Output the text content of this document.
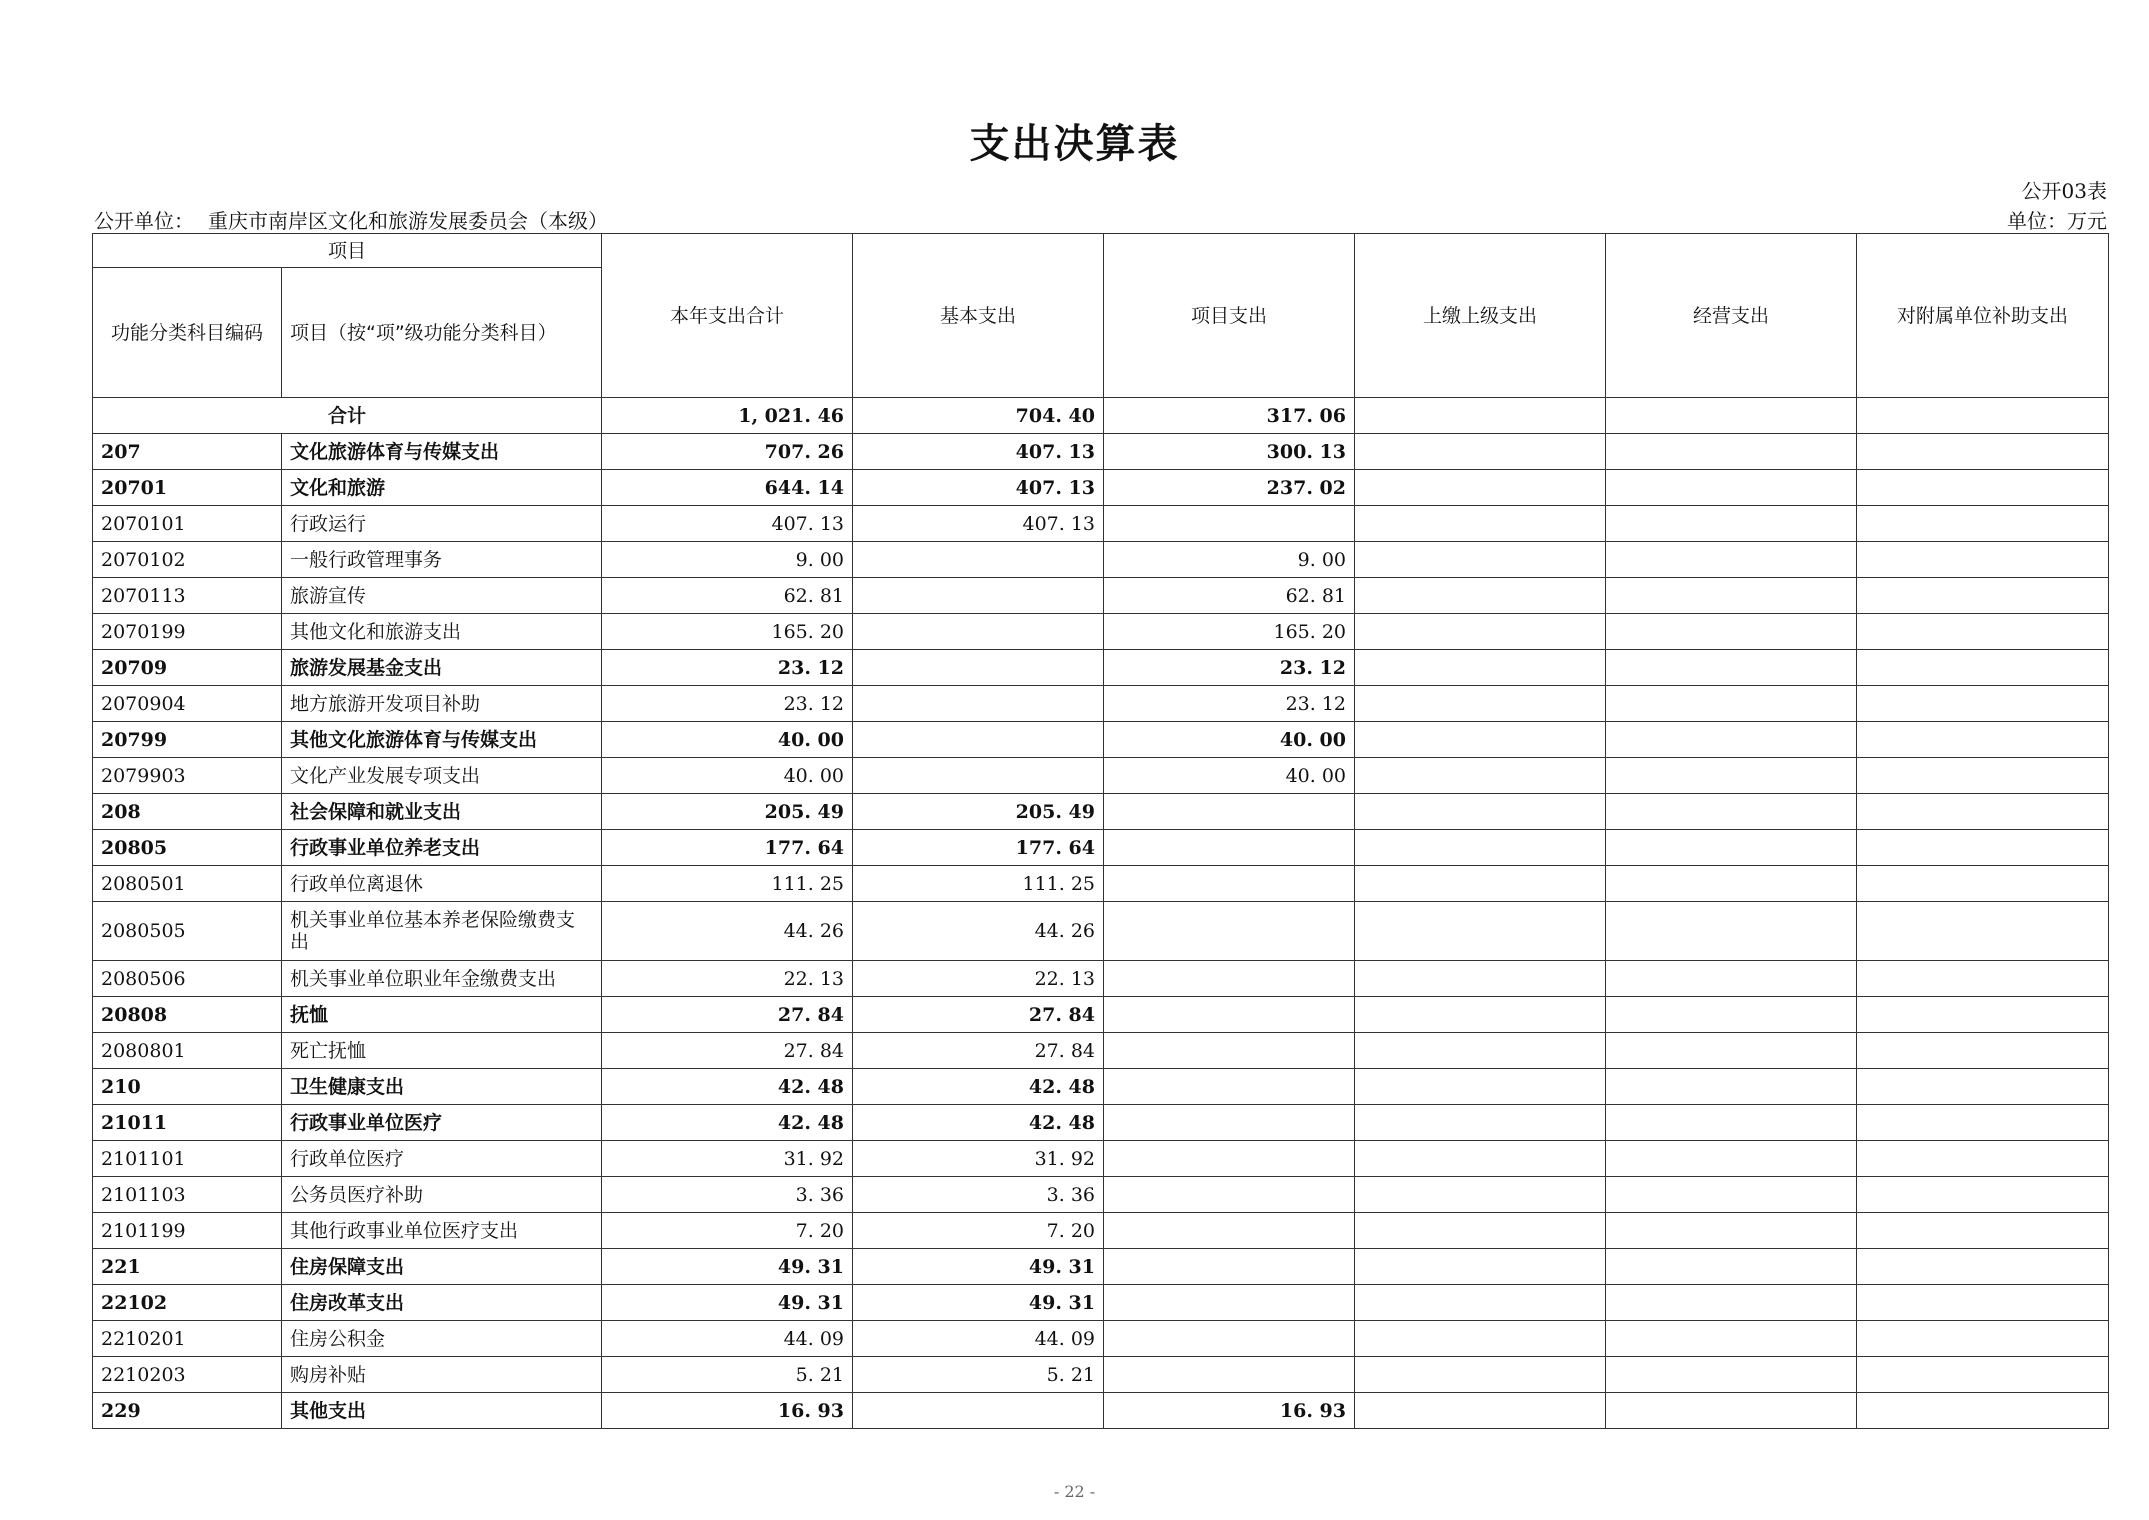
支出决算表
公开03表
公开单位： 重庆市南岸区文化和旅游发展委员会（本级）	单位：万元
项目		本年支出合计	基本支出	项目支出	上缴上级支出	经营支出	对附属单位补助支出
功能分类科目编码	项目（按“项”级功能分类科目）						
合计		1, 021. 46	704. 40	317. 06			
207	文化旅游体育与传媒支出	707. 26	407. 13	300. 13			
20701	文化和旅游	644. 14	407. 13	237. 02			
2070101	行政运行	407. 13	407. 13				
2070102	一般行政管理事务	9. 00		9. 00			
2070113	旅游宣传	62. 81		62. 81			
2070199	其他文化和旅游支出	165. 20		165. 20			
20709	旅游发展基金支出	23. 12		23. 12			
2070904	地方旅游开发项目补助	23. 12		23. 12			
20799	其他文化旅游体育与传媒支出	40. 00		40. 00			
2079903	文化产业发展专项支出	40. 00		40. 00			
208	社会保障和就业支出	205. 49	205. 49				
20805	行政事业单位养老支出	177. 64	177. 64				
2080501	行政单位离退休	111. 25	111. 25				
2080505	机关事业单位基本养老保险缴费支出	44. 26	44. 26				
2080506	机关事业单位职业年金缴费支出	22. 13	22. 13				
20808	抚恤	27. 84	27. 84				
2080801	死亡抚恤	27. 84	27. 84				
210	卫生健康支出	42. 48	42. 48				
21011	行政事业单位医疗	42. 48	42. 48				
2101101	行政单位医疗	31. 92	31. 92				
2101103	公务员医疗补助	3. 36	3. 36				
2101199	其他行政事业单位医疗支出	7. 20	7. 20				
221	住房保障支出	49. 31	49. 31				
22102	住房改革支出	49. 31	49. 31				
2210201	住房公积金	44. 09	44. 09				
2210203	购房补贴	5. 21	5. 21				
229	其他支出	16. 93		16. 93			
- 22 -
